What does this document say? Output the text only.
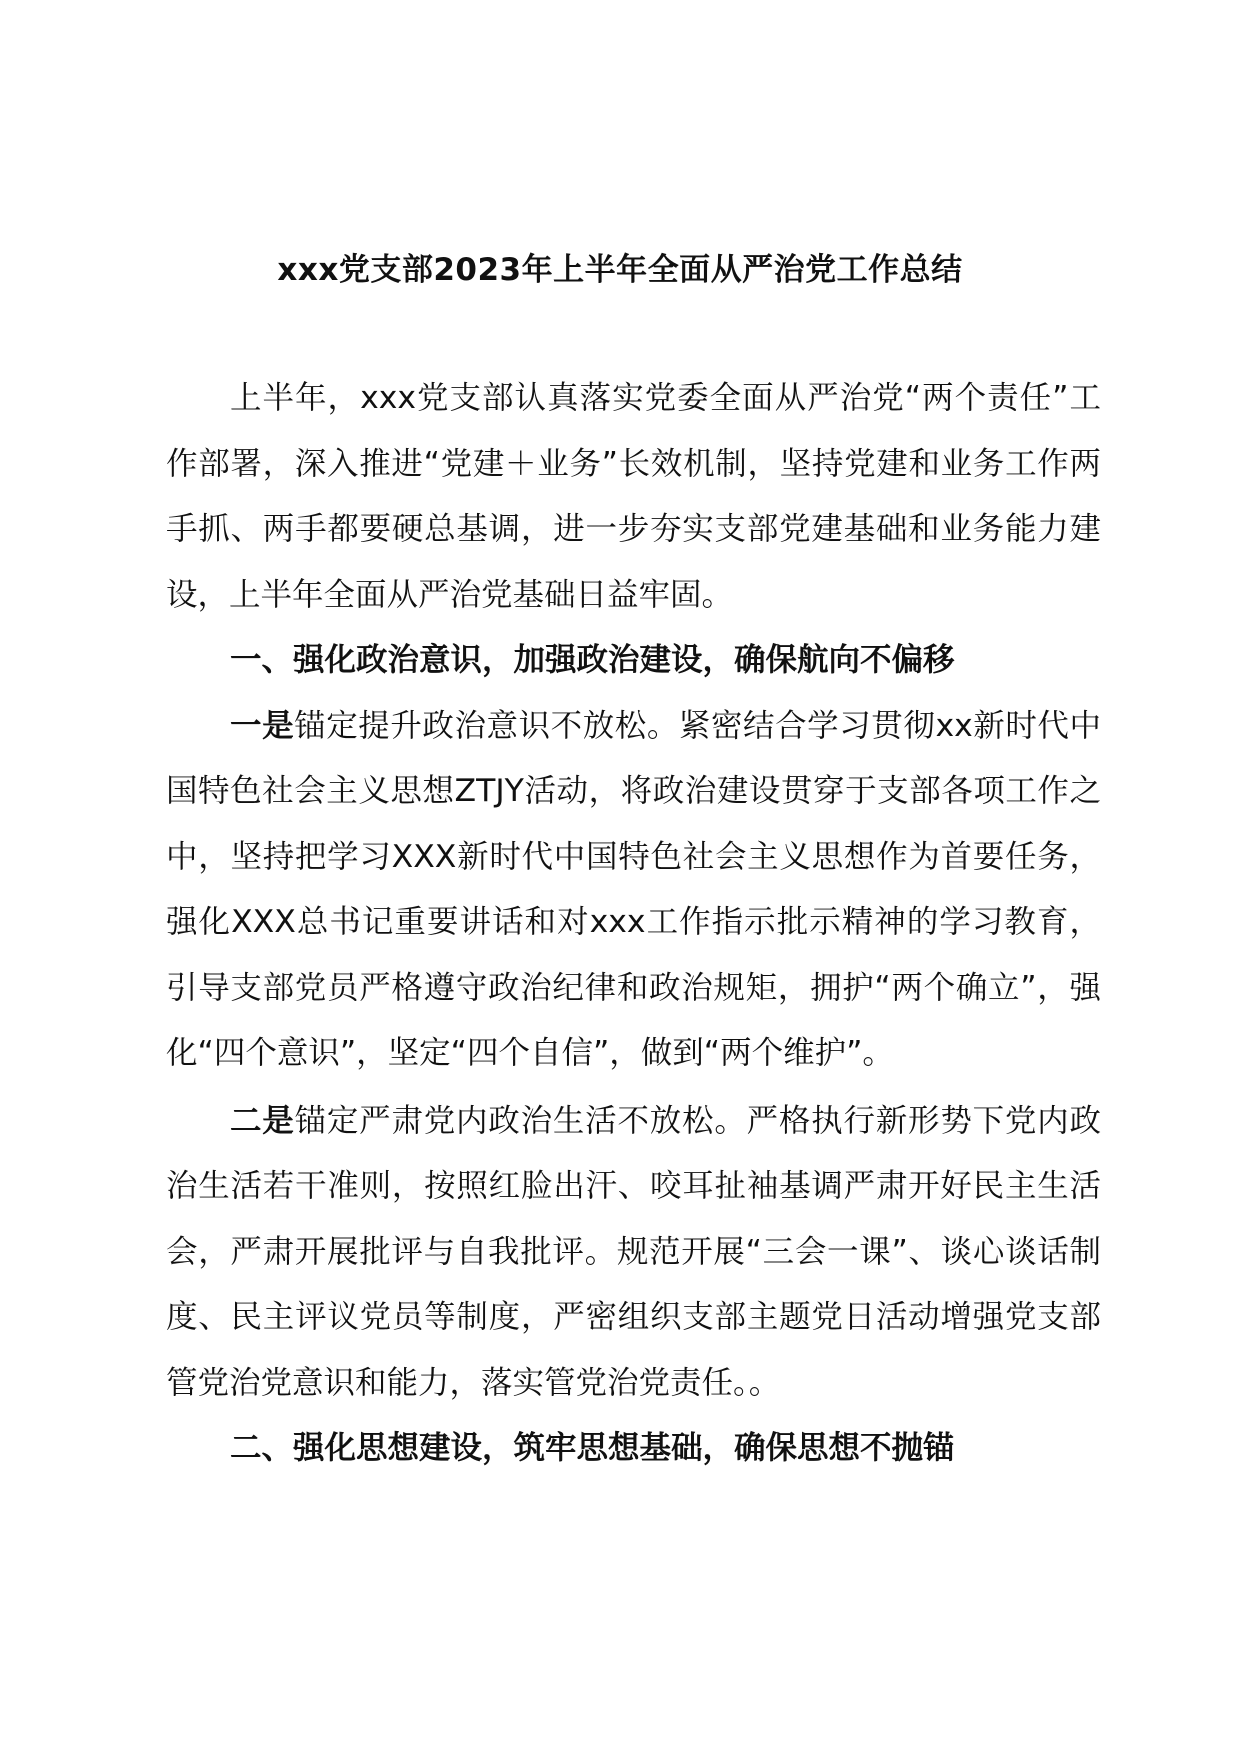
xxx党支部2023年上半年全面从严治党工作总结

上半年，xxx党支部认真落实党委全面从严治党“两个责任”工作部署，深入推进“党建＋业务”长效机制，坚持党建和业务工作两手抓、两手都要硬总基调，进一步夯实支部党建基础和业务能力建设，上半年全面从严治党基础日益牢固。

一、强化政治意识，加强政治建设，确保航向不偏移

一是锚定提升政治意识不放松。紧密结合学习贯彻xx新时代中国特色社会主义思想ZTJY活动，将政治建设贯穿于支部各项工作之中，坚持把学习XXX新时代中国特色社会主义思想作为首要任务，强化XXX总书记重要讲话和对xxx工作指示批示精神的学习教育，引导支部党员严格遵守政治纪律和政治规矩，拥护“两个确立”，强化“四个意识”，坚定“四个自信”，做到“两个维护”。

二是锚定严肃党内政治生活不放松。严格执行新形势下党内政治生活若干准则，按照红脸出汗、咬耳扯袖基调严肃开好民主生活会，严肃开展批评与自我批评。规范开展“三会一课”、谈心谈话制度、民主评议党员等制度，严密组织支部主题党日活动增强党支部管党治党意识和能力，落实管党治党责任。。

二、强化思想建设，筑牢思想基础，确保思想不抛锚
